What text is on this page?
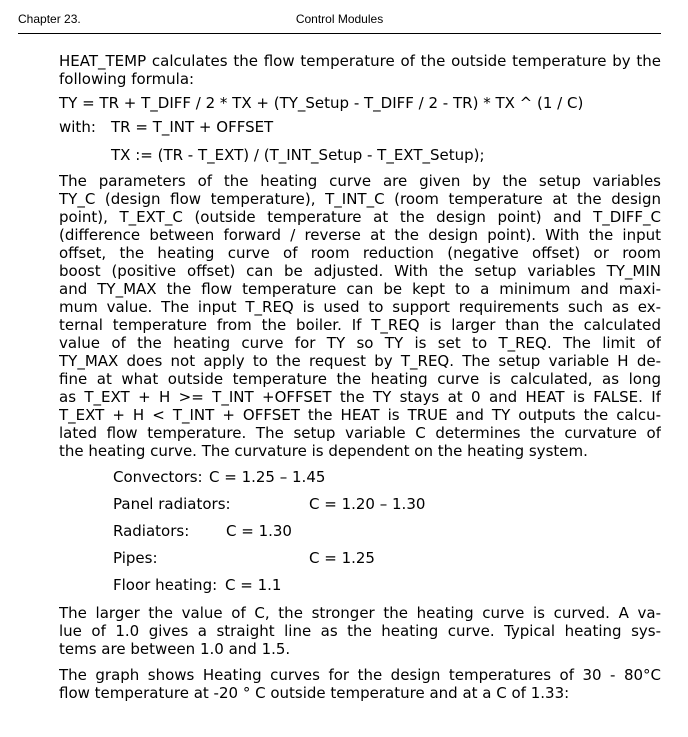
Chapter 23.	Control Modules

HEAT_TEMP calculates the flow temperature of the outside temperature by the following formula:

TY = TR + T_DIFF / 2 * TX + (TY_Setup - T_DIFF / 2 - TR) * TX ^ (1 / C)

with: TR = T_INT + OFFSET

TX := (TR - T_EXT) / (T_INT_Setup - T_EXT_Setup);

The parameters of the heating curve are given by the setup variables
TY_C (design flow temperature), T_INT_C (room temperature at the design
point), T_EXT_C (outside temperature at the design point) and T_DIFF_C
(difference between forward / reverse at the design point). With the input
offset, the heating curve of room reduction (negative offset) or room
boost (positive offset) can be adjusted. With the setup variables TY_MIN
and TY_MAX the flow temperature can be kept to a minimum and maxi-
mum value. The input T_REQ is used to support requirements such as ex-
ternal temperature from the boiler. If T_REQ is larger than the calculated
value of the heating curve for TY so TY is set to T_REQ. The limit of
TY_MAX does not apply to the request by T_REQ. The setup variable H de-
fine at what outside temperature the heating curve is calculated, as long
as T_EXT + H >= T_INT +OFFSET the TY stays at 0 and HEAT is FALSE. If
T_EXT + H < T_INT + OFFSET the HEAT is TRUE and TY outputs the calcu-
lated flow temperature. The setup variable C determines the curvature of
the heating curve. The curvature is dependent on the heating system.
Convectors: C = 1.25 – 1.45
Panel radiators:	C = 1.20 – 1.30
Radiators: C = 1.30
Pipes:	C = 1.25
Floor heating: C = 1.1
The larger the value of C, the stronger the heating curve is curved. A va-
lue of 1.0 gives a straight line as the heating curve. Typical heating sys-
tems are between 1.0 and 1.5.
The graph shows Heating curves for the design temperatures of 30 - 80°C
flow temperature at -20 ° C outside temperature and at a C of 1.33:
